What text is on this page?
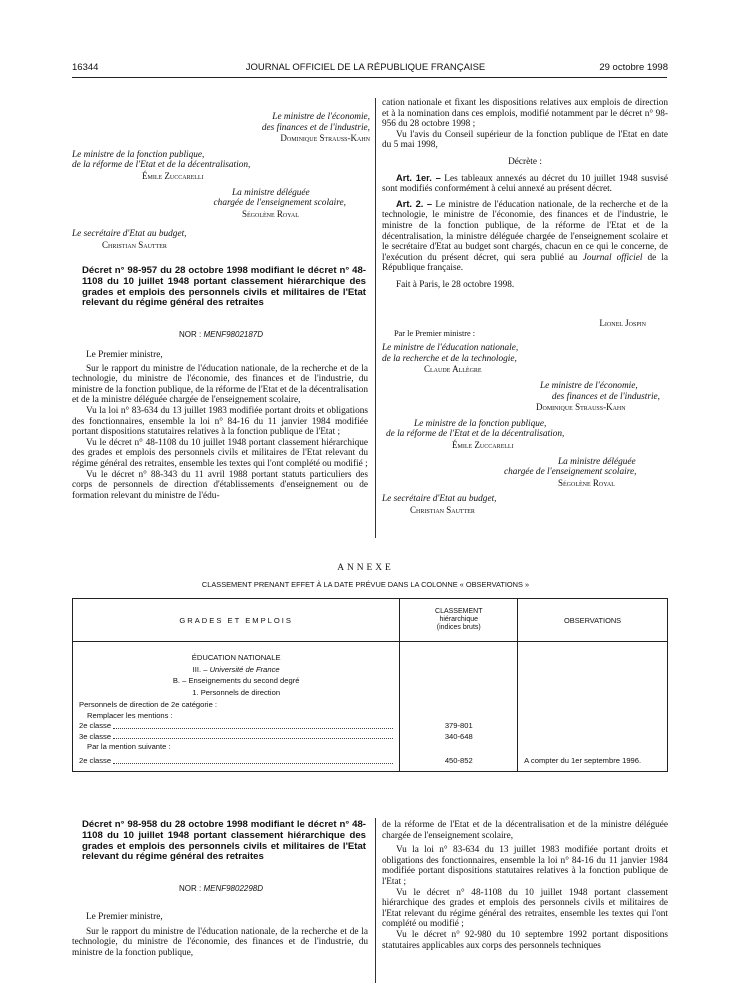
16344	JOURNAL OFFICIEL DE LA RÉPUBLIQUE FRANÇAISE	29 octobre 1998
Le ministre de l'économie,
des finances et de l'industrie,
Dominique Strauss-Kahn
Le ministre de la fonction publique,
de la réforme de l'Etat et de la décentralisation,
Émile Zuccarelli
La ministre déléguée
chargée de l'enseignement scolaire,
Ségolène Royal
Le secrétaire d'Etat au budget,
Christian Sautter
Décret n° 98-957 du 28 octobre 1998 modifiant le décret n° 48-1108 du 10 juillet 1948 portant classement hiérarchique des grades et emplois des personnels civils et militaires de l'Etat relevant du régime général des retraites
NOR : MENF9802187D

Le Premier ministre,

Sur le rapport du ministre de l'éducation nationale, de la recherche et de la technologie, du ministre de l'économie, des finances et de l'industrie, du ministre de la fonction publique, de la réforme de l'Etat et de la décentralisation et de la ministre déléguée chargée de l'enseignement scolaire,

Vu la loi n° 83-634 du 13 juillet 1983 modifiée portant droits et obligations des fonctionnaires, ensemble la loi n° 84-16 du 11 janvier 1984 modifiée portant dispositions statutaires relatives à la fonction publique de l'Etat ;

Vu le décret n° 48-1108 du 10 juillet 1948 portant classement hiérarchique des grades et emplois des personnels civils et militaires de l'Etat relevant du régime général des retraites, ensemble les textes qui l'ont complété ou modifié ;

Vu le décret n° 88-343 du 11 avril 1988 portant statuts particuliers des corps de personnels de direction d'établissements d'enseignement ou de formation relevant du ministre de l'édu-

cation nationale et fixant les dispositions relatives aux emplois de direction et à la nomination dans ces emplois, modifié notamment par le décret n° 98-956 du 28 octobre 1998 ;

Vu l'avis du Conseil supérieur de la fonction publique de l'Etat en date du 5 mai 1998,

Décrète :

Art. 1er. – Les tableaux annexés au décret du 10 juillet 1948 susvisé sont modifiés conformément à celui annexé au présent décret.

Art. 2. – Le ministre de l'éducation nationale, de la recherche et de la technologie, le ministre de l'économie, des finances et de l'industrie, le ministre de la fonction publique, de la réforme de l'Etat et de la décentralisation, la ministre déléguée chargée de l'enseignement scolaire et le secrétaire d'Etat au budget sont chargés, chacun en ce qui le concerne, de l'exécution du présent décret, qui sera publié au Journal officiel de la République française.

Fait à Paris, le 28 octobre 1998.

Lionel Jospin
Par le Premier ministre :
Le ministre de l'éducation nationale,
de la recherche et de la technologie,
Claude Allègre
Le ministre de l'économie,
des finances et de l'industrie,
Dominique Strauss-Kahn
Le ministre de la fonction publique,
de la réforme de l'Etat et de la décentralisation,
Émile Zuccarelli
La ministre déléguée
chargée de l'enseignement scolaire,
Ségolène Royal
Le secrétaire d'Etat au budget,
Christian Sautter
ANNEXE
CLASSEMENT PRENANT EFFET À LA DATE PRÉVUE DANS LA COLONNE « OBSERVATIONS »
GRADES ET EMPLOIS	CLASSEMENT
hiérarchique
(indices bruts)	OBSERVATIONS

ÉDUCATION NATIONALE
III. – Université de France
B. – Enseignements du second degré
1. Personnels de direction		

Personnels de direction de 2e catégorie :		
Remplacer les mentions :		

2e classe	379-801	

3e classe	340-648	
Par la mention suivante :		

2e classe	450-852	A compter du 1er septembre 1996.
Décret n° 98-958 du 28 octobre 1998 modifiant le décret n° 48-1108 du 10 juillet 1948 portant classement hiérarchique des grades et emplois des personnels civils et militaires de l'Etat relevant du régime général des retraites
NOR : MENF9802298D

Le Premier ministre,

Sur le rapport du ministre de l'éducation nationale, de la recherche et de la technologie, du ministre de l'économie, des finances et de l'industrie, du ministre de la fonction publique,

de la réforme de l'Etat et de la décentralisation et de la ministre déléguée chargée de l'enseignement scolaire,

Vu la loi n° 83-634 du 13 juillet 1983 modifiée portant droits et obligations des fonctionnaires, ensemble la loi n° 84-16 du 11 janvier 1984 modifiée portant dispositions statutaires relatives à la fonction publique de l'Etat ;

Vu le décret n° 48-1108 du 10 juillet 1948 portant classement hiérarchique des grades et emplois des personnels civils et militaires de l'Etat relevant du régime général des retraites, ensemble les textes qui l'ont complété ou modifié ;

Vu le décret n° 92-980 du 10 septembre 1992 portant dispositions statutaires applicables aux corps des personnels techniques
